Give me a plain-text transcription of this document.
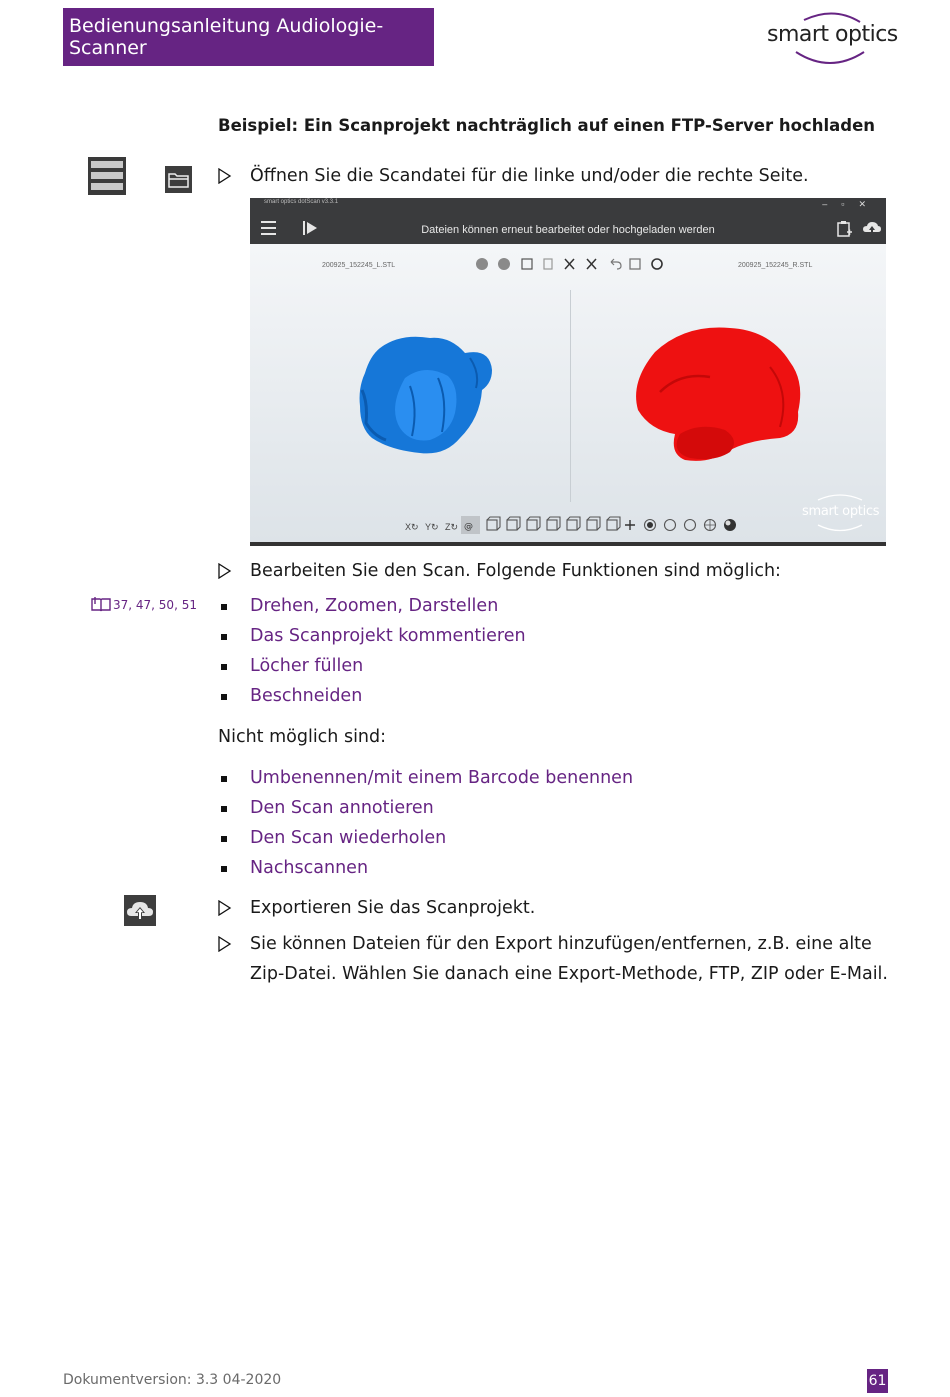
Bedienungsanleitung Audiologie-Scanner
smart optics
Beispiel: Ein Scanprojekt nachträglich auf einen FTP-Server hochladen
Öffnen Sie die Scandatei für die linke und/oder die rechte Seite.
smart optics dotScan v3.3.1	–▫✕
Dateien können erneut bearbeitet oder hochgeladen werden
200925_152245_L.STL	200925_152245_R.STL
X↻ Y↻ Z↻ @
smart optics
Bearbeiten Sie den Scan. Folgende Funktionen sind möglich:
37, 47, 50, 51	Drehen, Zoomen, Darstellen
Das Scanprojekt kommentieren
Löcher füllen
Beschneiden
Nicht möglich sind:
Umbenennen/mit einem Barcode benennen
Den Scan annotieren
Den Scan wiederholen
Nachscannen
Exportieren Sie das Scanprojekt.
Sie können Dateien für den Export hinzufügen/entfernen, z.B. eine alte
Zip-Datei. Wählen Sie danach eine Export-Methode, FTP, ZIP oder E-Mail.
Dokumentversion: 3.3 04-2020	61
